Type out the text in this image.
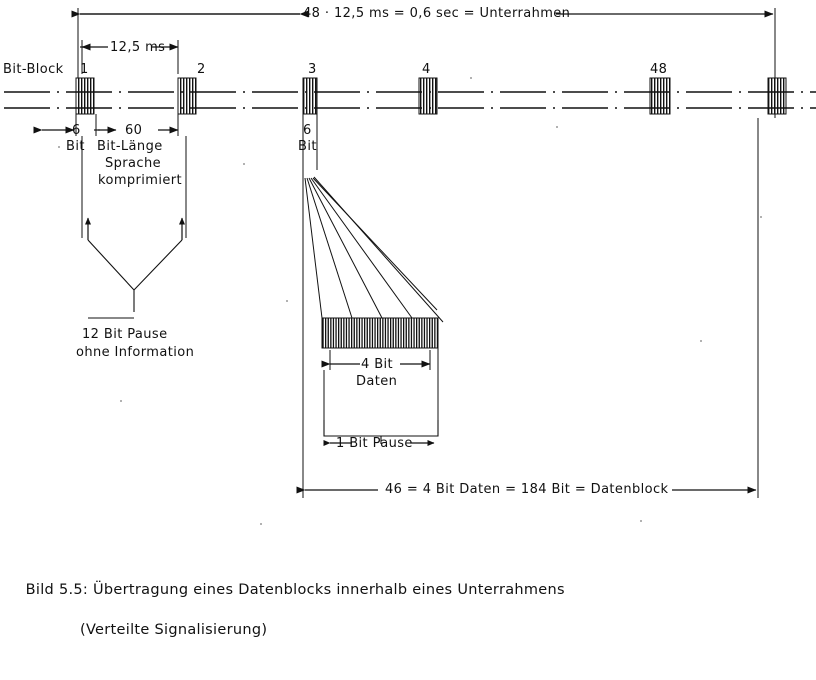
48 · 12,5 ms = 0,6 sec = Unterrahmen
12,5 ms
Bit-Block 1	2	3	4	48
6
Bit
60
Bit-Länge
Sprache
komprimiert
6
Bit
12 Bit Pause
ohne Information
4 Bit
Daten
1 Bit Pause
46 = 4 Bit Daten = 184 Bit = Datenblock

Bild 5.5: Übertragung eines Datenblocks innerhalb eines Unterrahmens

(Verteilte Signalisierung)
